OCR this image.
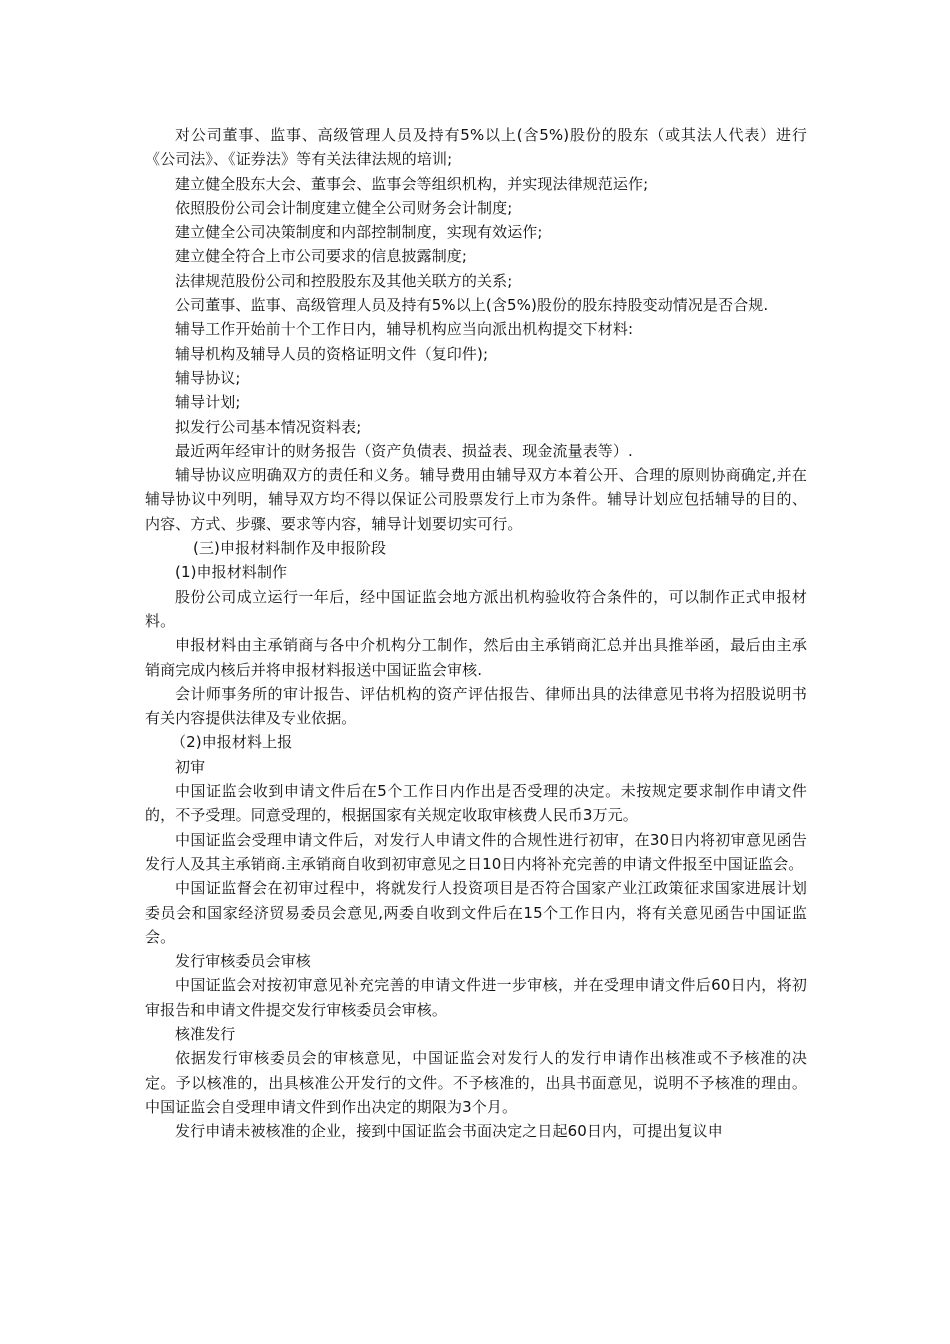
对公司董事、监事、高级管理人员及持有5%以上(含5%)股份的股东（或其法人代表）进行《公司法》、《证券法》等有关法律法规的培训;

建立健全股东大会、董事会、监事会等组织机构，并实现法律规范运作;

依照股份公司会计制度建立健全公司财务会计制度;

建立健全公司决策制度和内部控制制度，实现有效运作;

建立健全符合上市公司要求的信息披露制度;

法律规范股份公司和控股股东及其他关联方的关系;

公司董事、监事、高级管理人员及持有5%以上(含5%)股份的股东持股变动情况是否合规.

辅导工作开始前十个工作日内，辅导机构应当向派出机构提交下材料:

辅导机构及辅导人员的资格证明文件（复印件);

辅导协议;

辅导计划;

拟发行公司基本情况资料表;

最近两年经审计的财务报告（资产负债表、损益表、现金流量表等）.

辅导协议应明确双方的责任和义务。辅导费用由辅导双方本着公开、合理的原则协商确定,并在辅导协议中列明，辅导双方均不得以保证公司股票发行上市为条件。辅导计划应包括辅导的目的、内容、方式、步骤、要求等内容，辅导计划要切实可行。

(三)申报材料制作及申报阶段

(1)申报材料制作

股份公司成立运行一年后，经中国证监会地方派出机构验收符合条件的，可以制作正式申报材料。

申报材料由主承销商与各中介机构分工制作，然后由主承销商汇总并出具推举函，最后由主承销商完成内核后并将申报材料报送中国证监会审核.

会计师事务所的审计报告、评估机构的资产评估报告、律师出具的法律意见书将为招股说明书有关内容提供法律及专业依据。

（2)申报材料上报

初审

中国证监会收到申请文件后在5个工作日内作出是否受理的决定。未按规定要求制作申请文件的，不予受理。同意受理的，根据国家有关规定收取审核费人民币3万元。

中国证监会受理申请文件后，对发行人申请文件的合规性进行初审，在30日内将初审意见函告发行人及其主承销商.主承销商自收到初审意见之日10日内将补充完善的申请文件报至中国证监会。

中国证监督会在初审过程中，将就发行人投资项目是否符合国家产业江政策征求国家进展计划委员会和国家经济贸易委员会意见,两委自收到文件后在15个工作日内，将有关意见函告中国证监会。

发行审核委员会审核

中国证监会对按初审意见补充完善的申请文件进一步审核，并在受理申请文件后60日内，将初审报告和申请文件提交发行审核委员会审核。

核准发行

依据发行审核委员会的审核意见，中国证监会对发行人的发行申请作出核准或不予核准的决定。予以核准的，出具核准公开发行的文件。不予核准的，出具书面意见，说明不予核准的理由。中国证监会自受理申请文件到作出决定的期限为3个月。

发行申请未被核准的企业，接到中国证监会书面决定之日起60日内，可提出复议申
